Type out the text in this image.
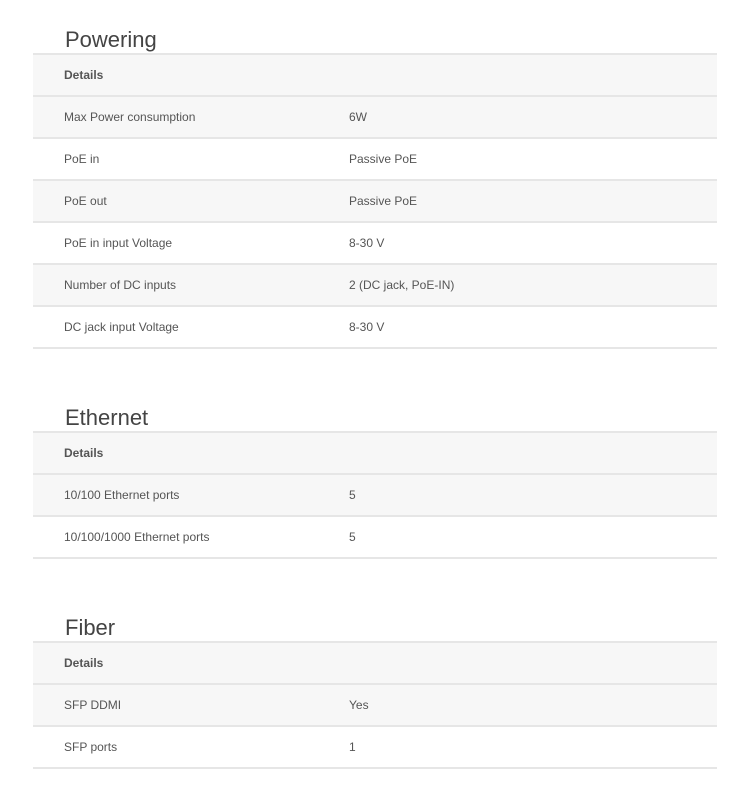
Powering
Details	
Max Power consumption	6W
PoE in	Passive PoE
PoE out	Passive PoE
PoE in input Voltage	8-30 V
Number of DC inputs	2 (DC jack, PoE-IN)
DC jack input Voltage	8-30 V
Ethernet
Details	
10/100 Ethernet ports	5
10/100/1000 Ethernet ports	5
Fiber
Details	
SFP DDMI	Yes
SFP ports	1
